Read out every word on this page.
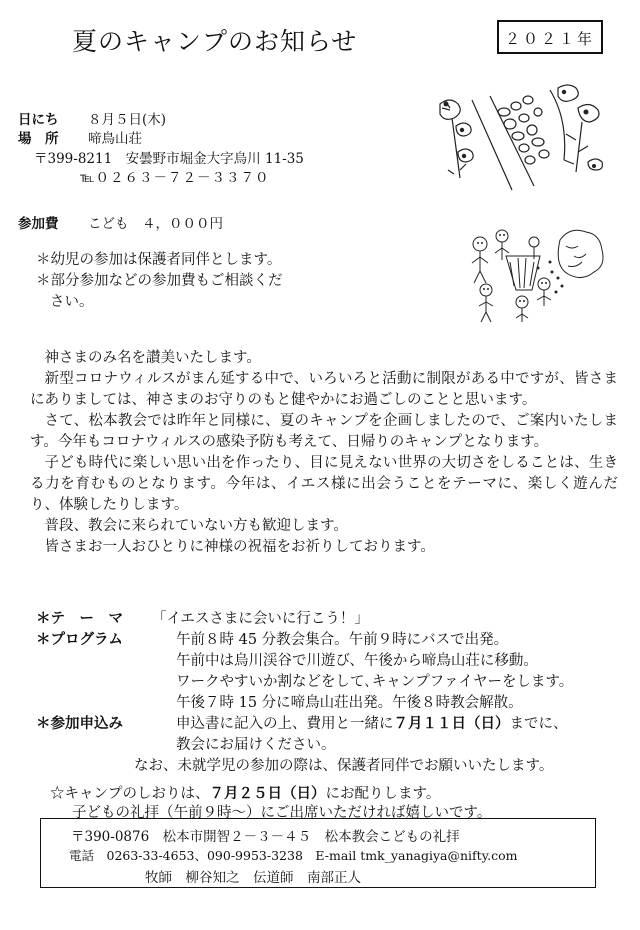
夏のキャンプのお知らせ	２０２１年
日にち ８月５日(木)
場　所 啼鳥山荘
〒399-8211　安曇野市堀金大字烏川 11-35
℡０２６３－７２－３３７０
参加費 こども　４，０００円
＊幼児の参加は保護者同伴とします。
＊部分参加などの参加費もご相談くだ
さい。

神さまのみ名を讃美いたします。

新型コロナウィルスがまん延する中で、いろいろと活動に制限がある中ですが、皆さまにありましては、神さまのお守りのもと健やかにお過ごしのことと思います。

さて、松本教会では昨年と同様に、夏のキャンプを企画しましたので、ご案内いたします。今年もコロナウィルスの感染予防も考えて、日帰りのキャンプとなります。

子ども時代に楽しい思い出を作ったり、目に見えない世界の大切さをしることは、生きる力を育むものとなります。今年は、イエス様に出会うことをテーマに、楽しく遊んだり、体験したりします。

普段、教会に来られていない方も歓迎します。

皆さまお一人おひとりに神様の祝福をお祈りしております。

＊テ　ー　マ 「イエスさまに会いに行こう！」
＊プログラム	午前８時 45 分教会集合。午前９時にバスで出発。
午前中は烏川渓谷で川遊び、午後から啼鳥山荘に移動。
ワークやすいか割などをして､キャンプファイヤーをします。
午後７時 15 分に啼鳥山荘出発。午後８時教会解散。
＊参加申込み	申込書に記入の上、費用と一緒に７月１１日（日）までに、
教会にお届けください。
なお、未就学児の参加の際は、保護者同伴でお願いいたします。
☆キャンプのしおりは、７月２５日（日）にお配りします。
子どもの礼拝（午前９時～）にご出席いただければ嬉しいです。
〒390-0876　松本市開智２－３－４５　松本教会こどもの礼拝
電話　0263-33-4653、090-9953-3238　E-mail tmk_yanagiya@nifty.com
牧師　柳谷知之　伝道師　南部正人
